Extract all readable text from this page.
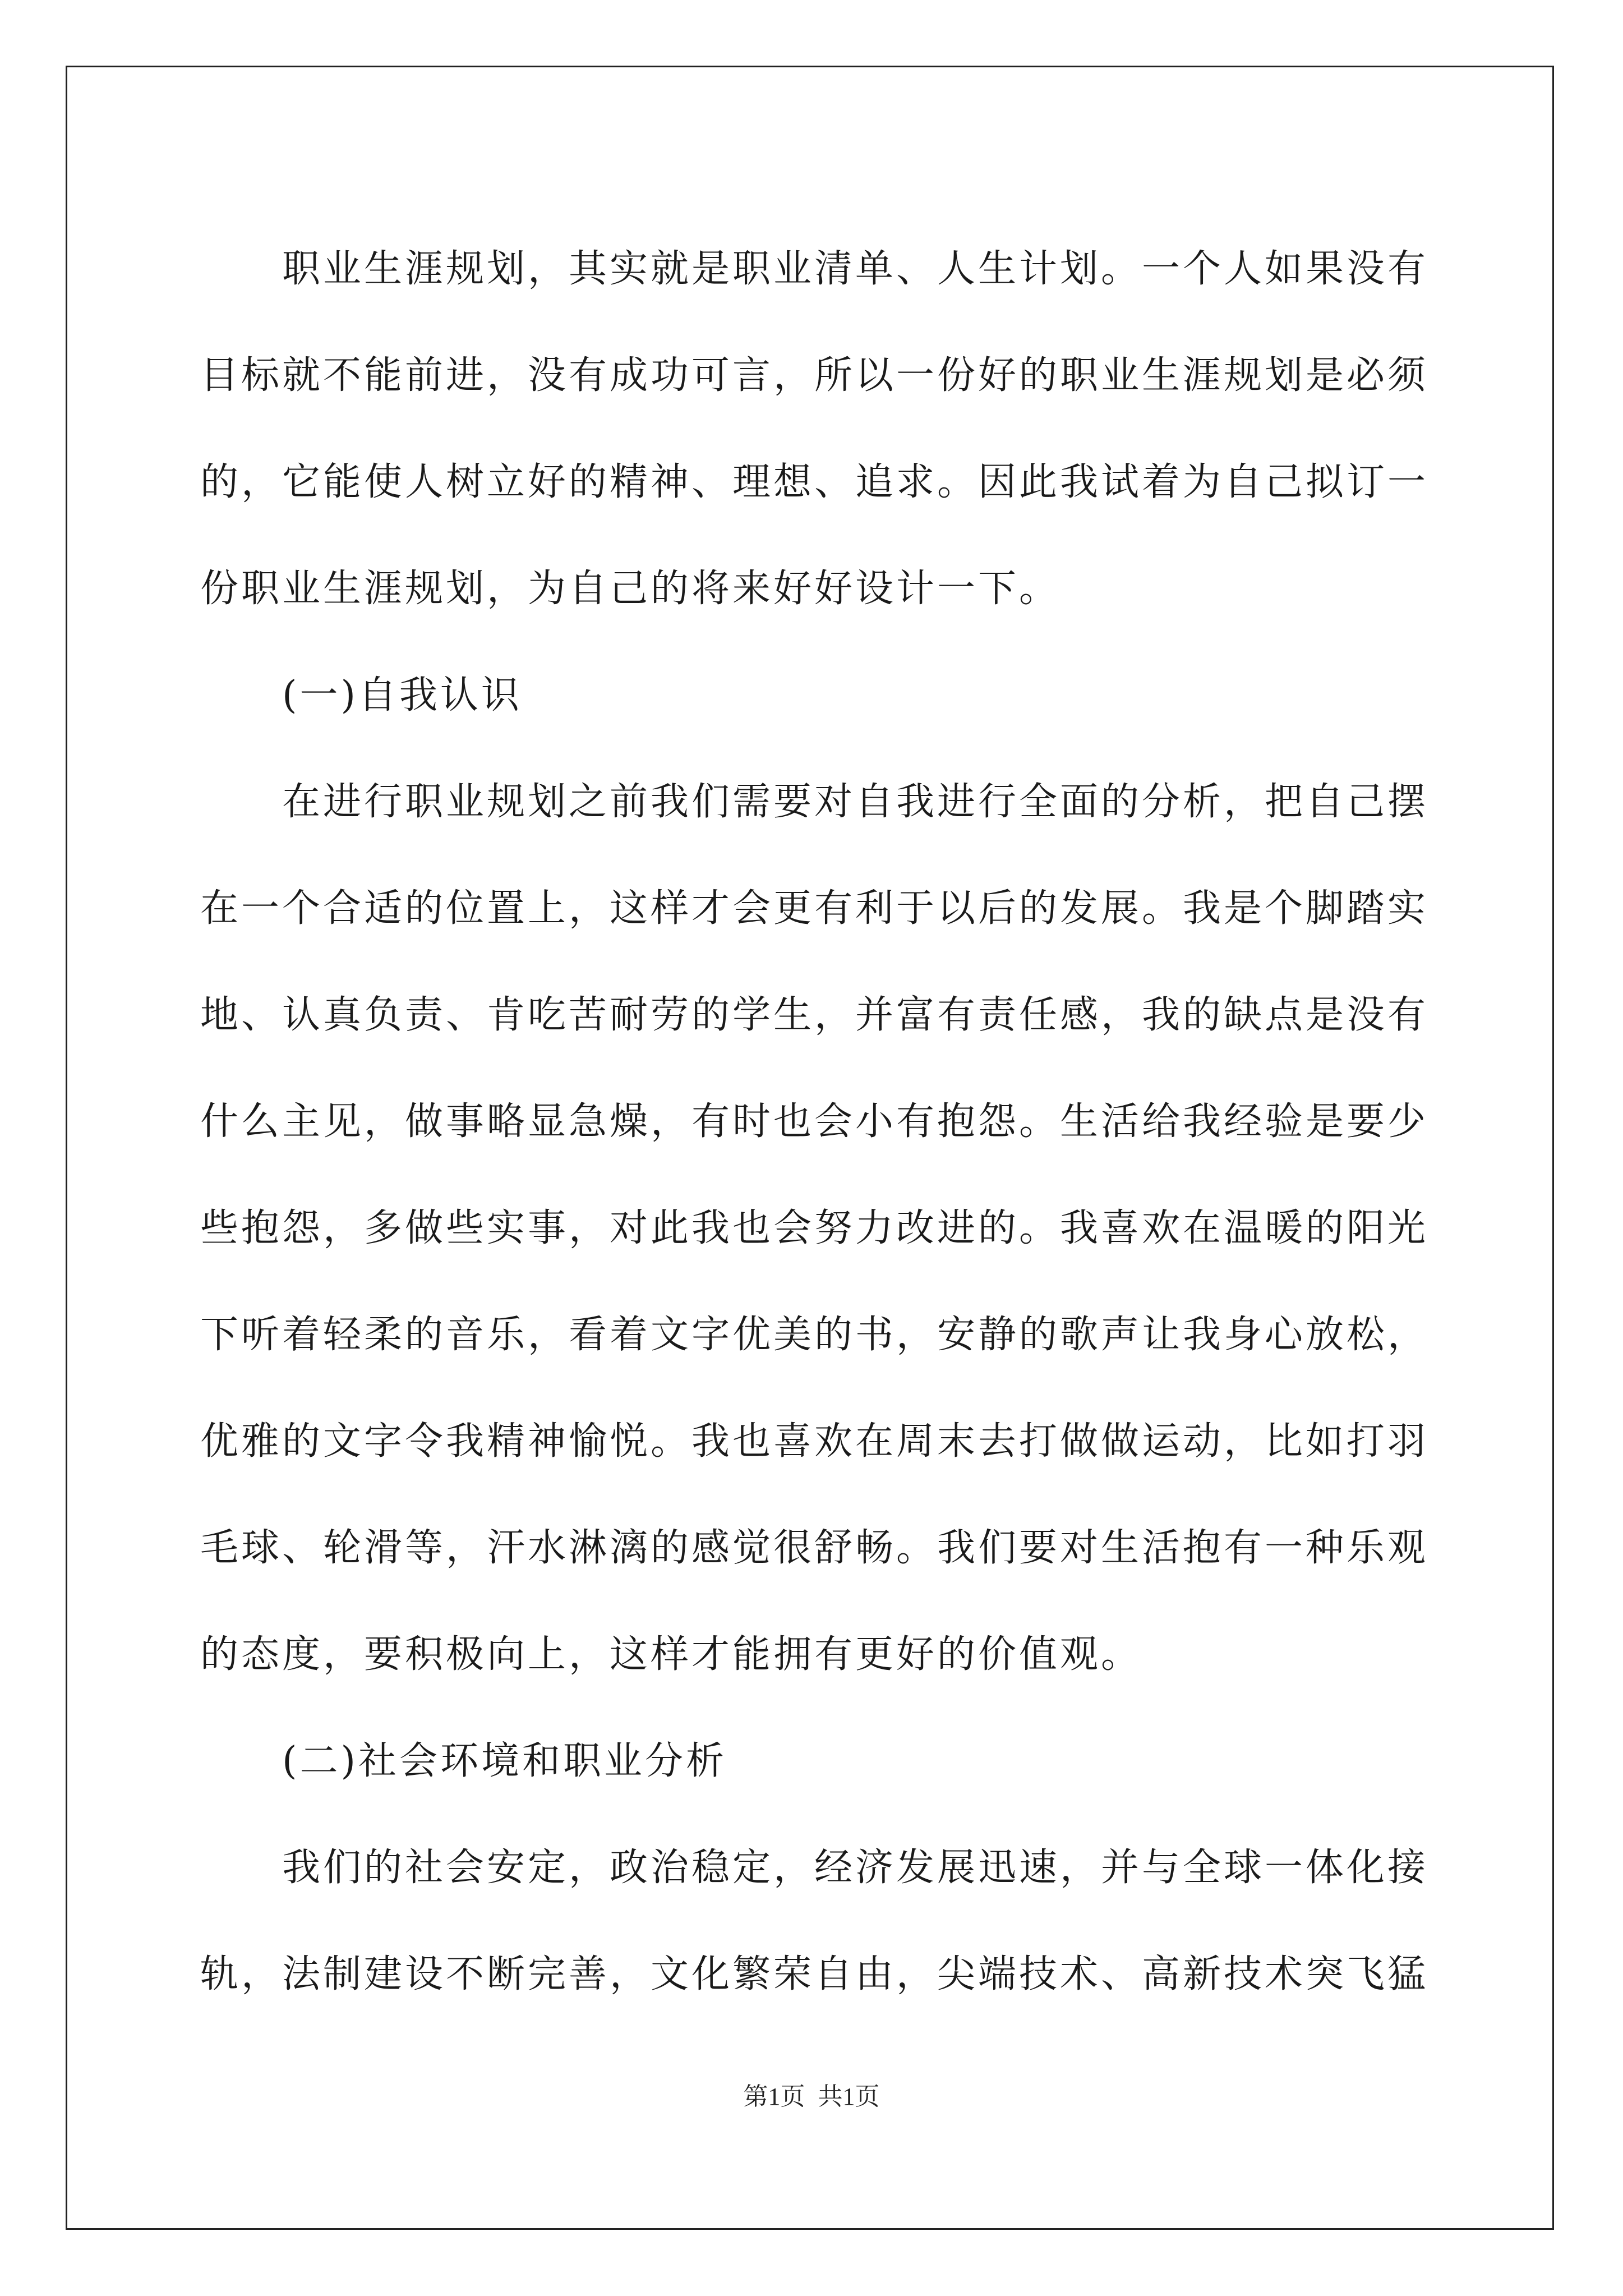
职业生涯规划，其实就是职业清单、人生计划。一个人如果没有目标就不能前进，没有成功可言，所以一份好的职业生涯规划是必须的，它能使人树立好的精神、理想、追求。因此我试着为自己拟订一份职业生涯规划，为自己的将来好好设计一下。

(一)自我认识

在进行职业规划之前我们需要对自我进行全面的分析，把自己摆在一个合适的位置上，这样才会更有利于以后的发展。我是个脚踏实地、认真负责、肯吃苦耐劳的学生，并富有责任感，我的缺点是没有什么主见，做事略显急燥，有时也会小有抱怨。生活给我经验是要少些抱怨，多做些实事，对此我也会努力改进的。我喜欢在温暖的阳光下听着轻柔的音乐，看着文字优美的书，安静的歌声让我身心放松，优雅的文字令我精神愉悦。我也喜欢在周末去打做做运动，比如打羽毛球、轮滑等，汗水淋漓的感觉很舒畅。我们要对生活抱有一种乐观的态度，要积极向上，这样才能拥有更好的价值观。

(二)社会环境和职业分析

我们的社会安定，政治稳定，经济发展迅速，并与全球一体化接轨，法制建设不断完善，文化繁荣自由，尖端技术、高新技术突飞猛

第1页 共1页
